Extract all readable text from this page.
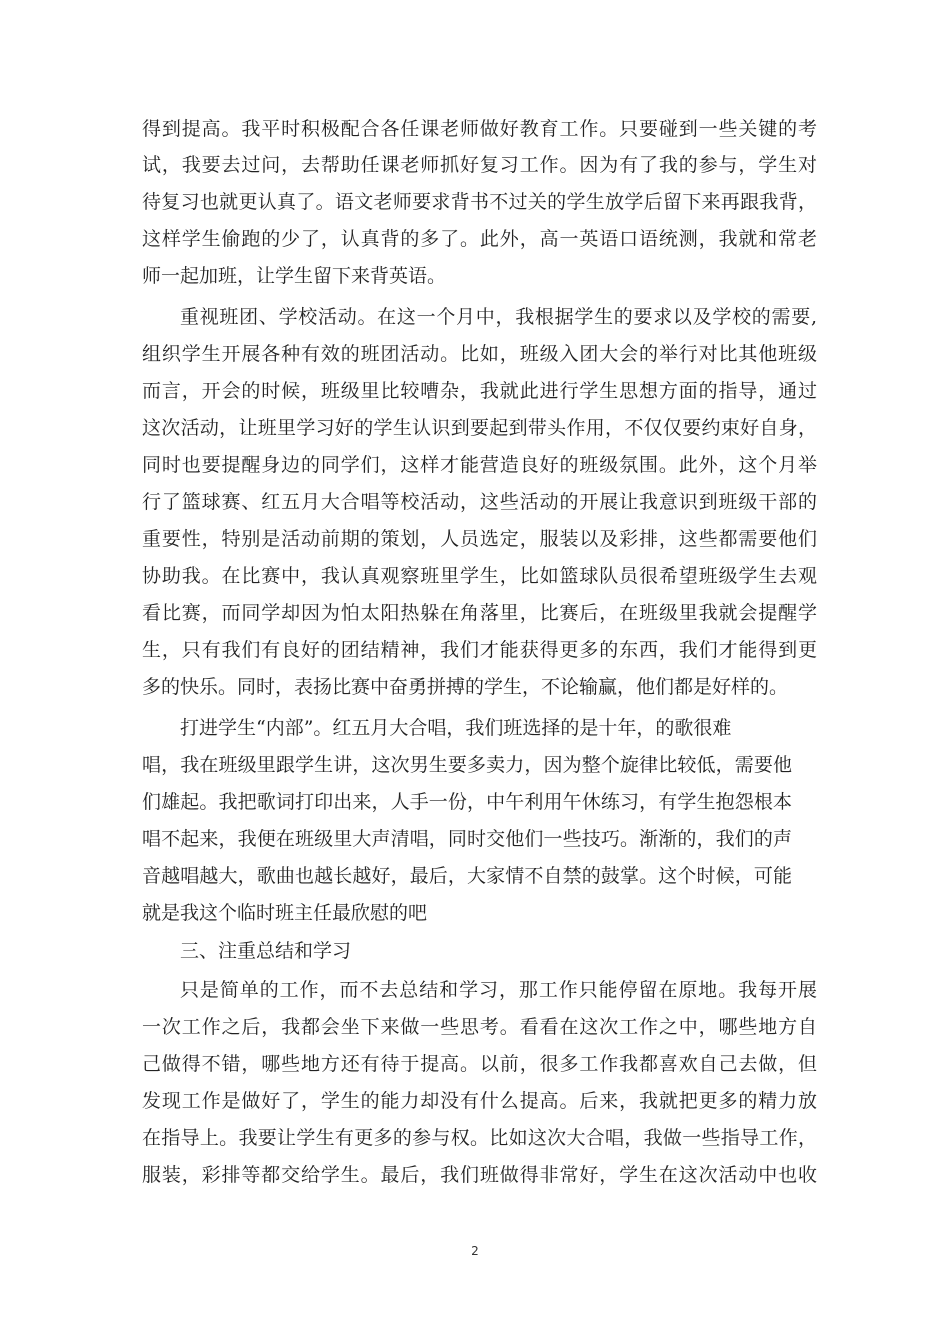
得到提高。我平时积极配合各任课老师做好教育工作。只要碰到一些关键的考
试，我要去过问，去帮助任课老师抓好复习工作。因为有了我的参与，学生对
待复习也就更认真了。语文老师要求背书不过关的学生放学后留下来再跟我背，
这样学生偷跑的少了，认真背的多了。此外，高一英语口语统测，我就和常老
师一起加班，让学生留下来背英语。
重视班团、学校活动。在这一个月中，我根据学生的要求以及学校的需要,
组织学生开展各种有效的班团活动。比如，班级入团大会的举行对比其他班级
而言，开会的时候，班级里比较嘈杂，我就此进行学生思想方面的指导，通过
这次活动，让班里学习好的学生认识到要起到带头作用，不仅仅要约束好自身，
同时也要提醒身边的同学们，这样才能营造良好的班级氛围。此外，这个月举
行了篮球赛、红五月大合唱等校活动，这些活动的开展让我意识到班级干部的
重要性，特别是活动前期的策划，人员选定，服装以及彩排，这些都需要他们
协助我。在比赛中，我认真观察班里学生，比如篮球队员很希望班级学生去观
看比赛，而同学却因为怕太阳热躲在角落里，比赛后，在班级里我就会提醒学
生，只有我们有良好的团结精神，我们才能获得更多的东西，我们才能得到更
多的快乐。同时，表扬比赛中奋勇拼搏的学生，不论输赢，他们都是好样的。
打进学生“内部”。红五月大合唱，我们班选择的是十年，的歌很难
唱，我在班级里跟学生讲，这次男生要多卖力，因为整个旋律比较低，需要他
们雄起。我把歌词打印出来，人手一份，中午利用午休练习，有学生抱怨根本
唱不起来，我便在班级里大声清唱，同时交他们一些技巧。渐渐的，我们的声
音越唱越大，歌曲也越长越好，最后，大家情不自禁的鼓掌。这个时候，可能
就是我这个临时班主任最欣慰的吧
三、注重总结和学习
只是简单的工作，而不去总结和学习，那工作只能停留在原地。我每开展
一次工作之后，我都会坐下来做一些思考。看看在这次工作之中，哪些地方自
己做得不错，哪些地方还有待于提高。以前，很多工作我都喜欢自己去做，但
发现工作是做好了，学生的能力却没有什么提高。后来，我就把更多的精力放
在指导上。我要让学生有更多的参与权。比如这次大合唱，我做一些指导工作，
服装，彩排等都交给学生。最后，我们班做得非常好，学生在这次活动中也收
2
